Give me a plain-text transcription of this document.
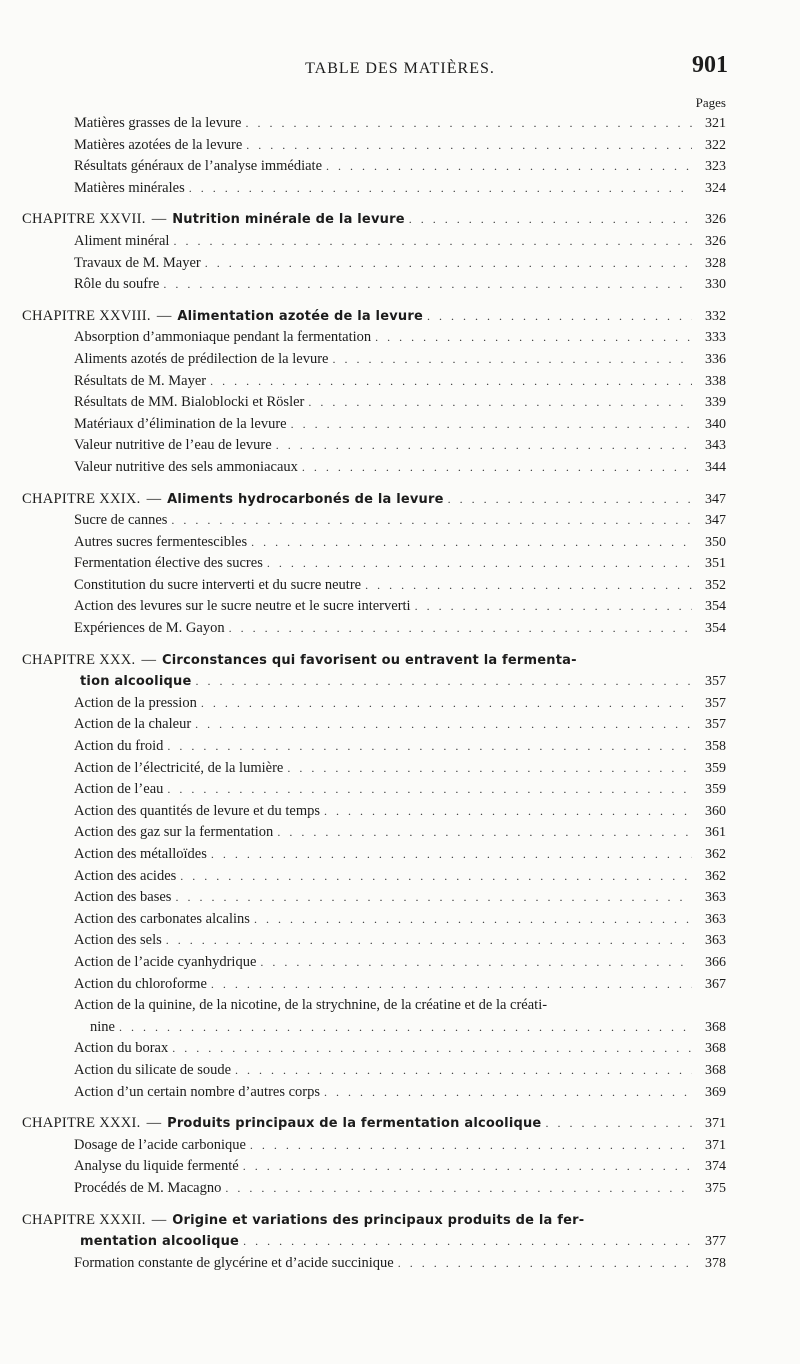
TABLE DES MATIÈRES.	901
Pages
Matières grasses de la levure . . .	321
Matières azotées de la levure . . .	322
Résultats généraux de l’analyse immédiate . . .	323
Matières minérales . . .	324
CHAPITRE XXVII. — Nutrition minérale de la levure . . .	326
Aliment minéral . . .	326
Travaux de M. Mayer . . .	328
Rôle du soufre . . .	330
CHAPITRE XXVIII. — Alimentation azotée de la levure . . .	332
Absorption d’ammoniaque pendant la fermentation . . .	333
Aliments azotés de prédilection de la levure . . .	336
Résultats de M. Mayer . . .	338
Résultats de MM. Bialoblocki et Rösler . . .	339
Matériaux d’élimination de la levure . . .	340
Valeur nutritive de l’eau de levure . . .	343
Valeur nutritive des sels ammoniacaux . . .	344
CHAPITRE XXIX. — Aliments hydrocarbonés de la levure . . .	347
Sucre de cannes . . .	347
Autres sucres fermentescibles . . .	350
Fermentation élective des sucres . . .	351
Constitution du sucre interverti et du sucre neutre . . .	352
Action des levures sur le sucre neutre et le sucre interverti . . .	354
Expériences de M. Gayon . . .	354
CHAPITRE XXX. — Circonstances qui favorisent ou entravent la fermenta-
tion alcoolique . . .	357
Action de la pression . . .	357
Action de la chaleur . . .	357
Action du froid . . .	358
Action de l’électricité, de la lumière . . .	359
Action de l’eau . . .	359
Action des quantités de levure et du temps . . .	360
Action des gaz sur la fermentation . . .	361
Action des métalloïdes . . .	362
Action des acides . . .	362
Action des bases . . .	363
Action des carbonates alcalins . . .	363
Action des sels . . .	363
Action de l’acide cyanhydrique . . .	366
Action du chloroforme . . .	367
Action de la quinine, de la nicotine, de la strychnine, de la créatine et de la créati-
nine . . .	368
Action du borax . . .	368
Action du silicate de soude . . .	368
Action d’un certain nombre d’autres corps . . .	369
CHAPITRE XXXI. — Produits principaux de la fermentation alcoolique . . .	371
Dosage de l’acide carbonique . . .	371
Analyse du liquide fermenté . . .	374
Procédés de M. Macagno . . .	375
CHAPITRE XXXII. — Origine et variations des principaux produits de la fer-
mentation alcoolique . . .	377
Formation constante de glycérine et d’acide succinique . . .	378
